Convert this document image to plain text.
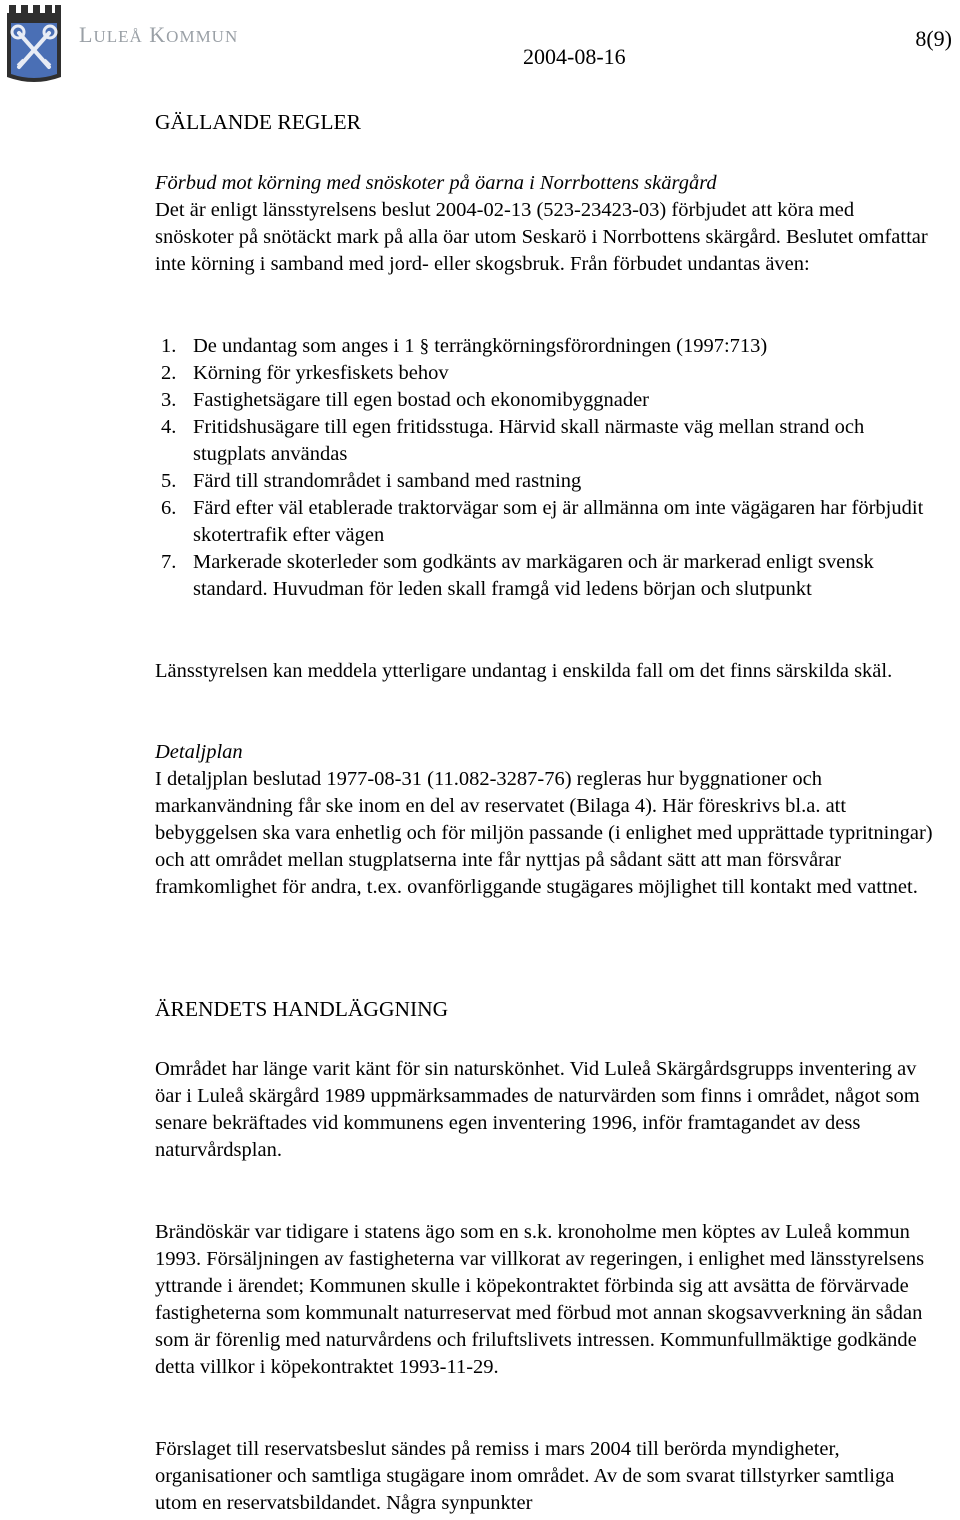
LULEÅ KOMMUN
2004-08-16
8(9)
GÄLLANDE REGLER

Förbud mot körning med snöskoter på öarna i Norrbottens skärgård

Det är enligt länsstyrelsens beslut 2004-02-13 (523-23423-03) förbjudet att köra med snöskoter på snötäckt mark på alla öar utom Seskarö i Norrbottens skärgård. Beslutet omfattar inte körning i samband med jord- eller skogsbruk. Från förbudet undantas även:

1. De undantag som anges i 1 § terrängkörningsförordningen (1997:713)
2. Körning för yrkesfiskets behov
3. Fastighetsägare till egen bostad och ekonomibyggnader
4. Fritidshusägare till egen fritidsstuga. Härvid skall närmaste väg mellan strand och stugplats användas
5. Färd till strandområdet i samband med rastning
6. Färd efter väl etablerade traktorvägar som ej är allmänna om inte vägägaren har förbjudit skotertrafik efter vägen
7. Markerade skoterleder som godkänts av markägaren och är markerad enligt svensk standard. Huvudman för leden skall framgå vid ledens början och slutpunkt
Länsstyrelsen kan meddela ytterligare undantag i enskilda fall om det finns särskilda skäl.

Detaljplan

I detaljplan beslutad 1977-08-31 (11.082-3287-76) regleras hur byggnationer och markanvändning får ske inom en del av reservatet (Bilaga 4). Här föreskrivs bl.a. att bebyggelsen ska vara enhetlig och för miljön passande (i enlighet med upprättade typritningar) och att området mellan stugplatserna inte får nyttjas på sådant sätt att man försvårar framkomlighet för andra, t.ex. ovanförliggande stugägares möjlighet till kontakt med vattnet.

ÄRENDETS HANDLÄGGNING
Området har länge varit känt för sin naturskönhet. Vid Luleå Skärgårdsgrupps inventering av öar i Luleå skärgård 1989 uppmärksammades de naturvärden som finns i området, något som senare bekräftades vid kommunens egen inventering 1996, inför framtagandet av dess naturvårdsplan.
Brändöskär var tidigare i statens ägo som en s.k. kronoholme men köptes av Luleå kommun 1993. Försäljningen av fastigheterna var villkorat av regeringen, i enlighet med länsstyrelsens yttrande i ärendet; Kommunen skulle i köpekontraktet förbinda sig att avsätta de förvärvade fastigheterna som kommunalt naturreservat med förbud mot annan skogsavverkning än sådan som är förenlig med naturvårdens och friluftslivets intressen. Kommunfullmäktige godkände detta villkor i köpekontraktet 1993-11-29.
Förslaget till reservatsbeslut sändes på remiss i mars 2004 till berörda myndigheter, organisationer och samtliga stugägare inom området. Av de som svarat tillstyrker samtliga utom en reservatsbildandet. Några synpunkter
